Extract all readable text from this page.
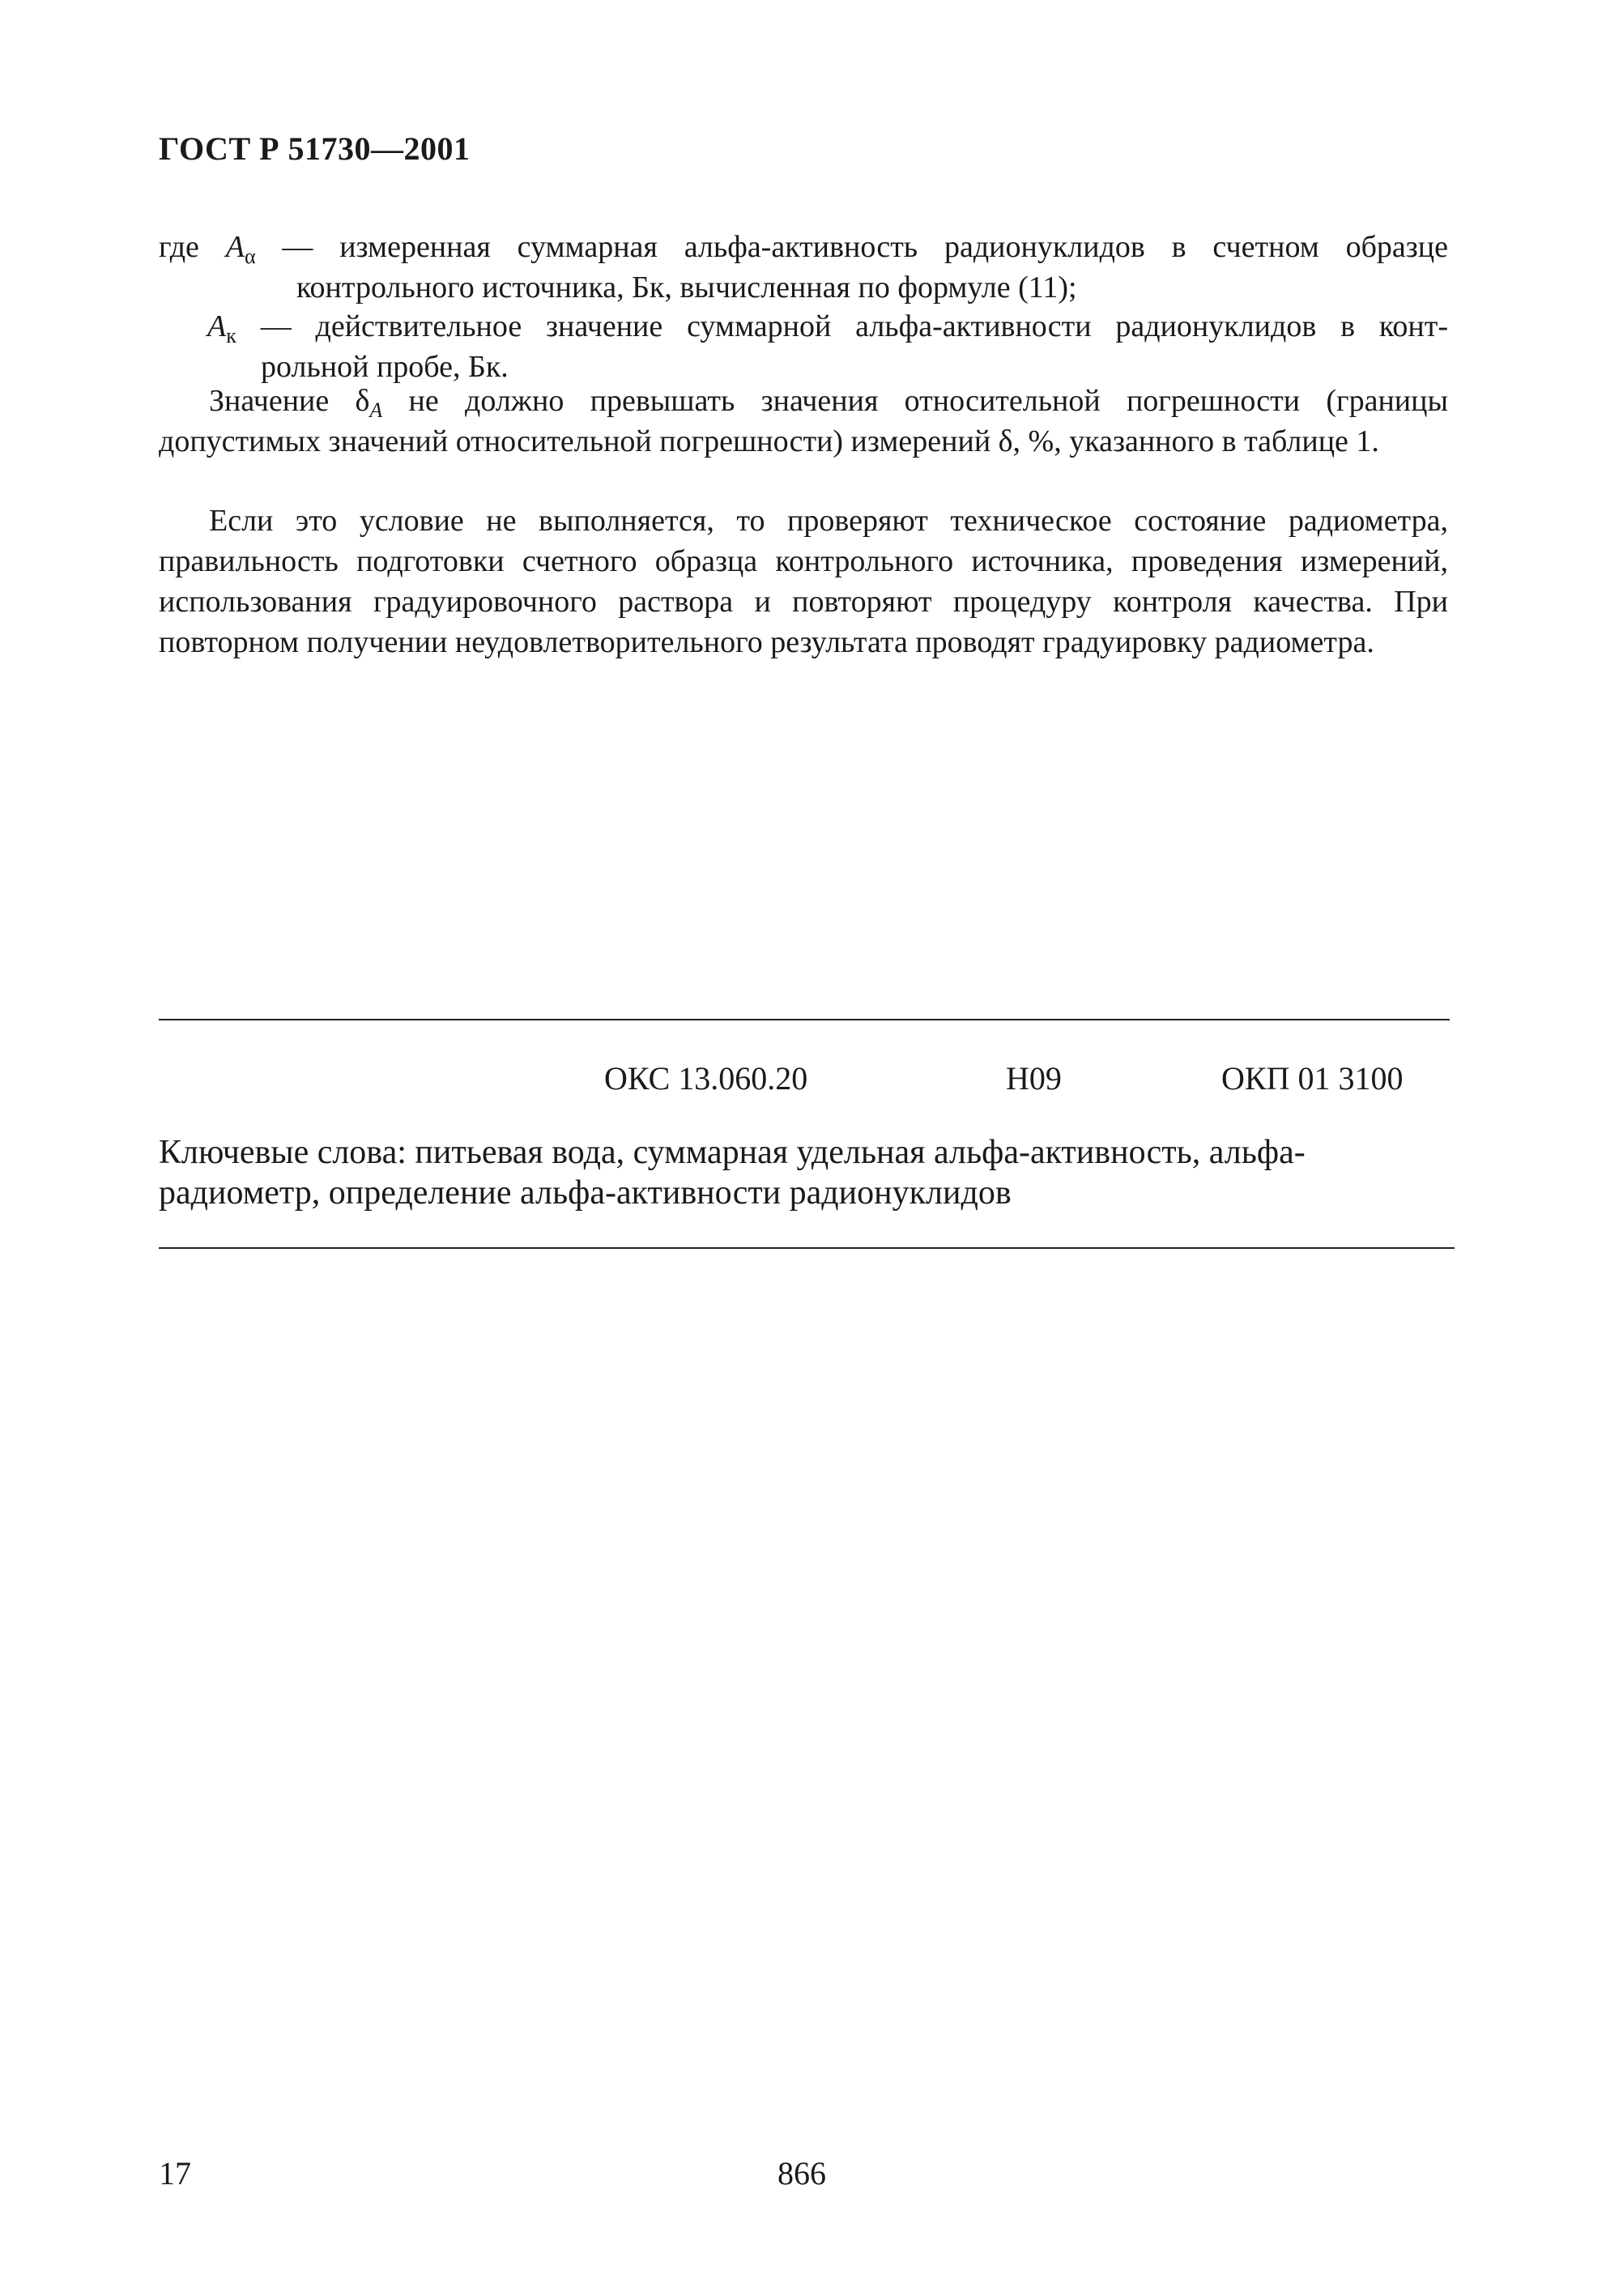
ГОСТ Р 51730—2001
где $A_\alpha$ — измеренная суммарная альфа-активность радионуклидов в счетном образце
контрольного источника, Бк, вычисленная по формуле (11);
$A_к$ — действительное значение суммарной альфа-активности радионуклидов в конт-
рольной пробе, Бк.
Значение $\delta_A$ не должно превышать значения относительной погрешности (границы допустимых значений относительной погрешности) измерений δ, %, указанного в таблице 1.
Если это условие не выполняется, то проверяют техническое состояние радиометра, правильность подготовки счетного образца контрольного источника, проведения измерений, использования градуировочного раствора и повторяют процедуру контроля качества. При повторном получении неудовлетворительного результата проводят градуировку радиометра.
ОКС 13.060.20	Н09	ОКП 01 3100
Ключевые слова: питьевая вода, суммарная удельная альфа-активность, альфа-радиометр, определение альфа-активности радионуклидов
17	866
